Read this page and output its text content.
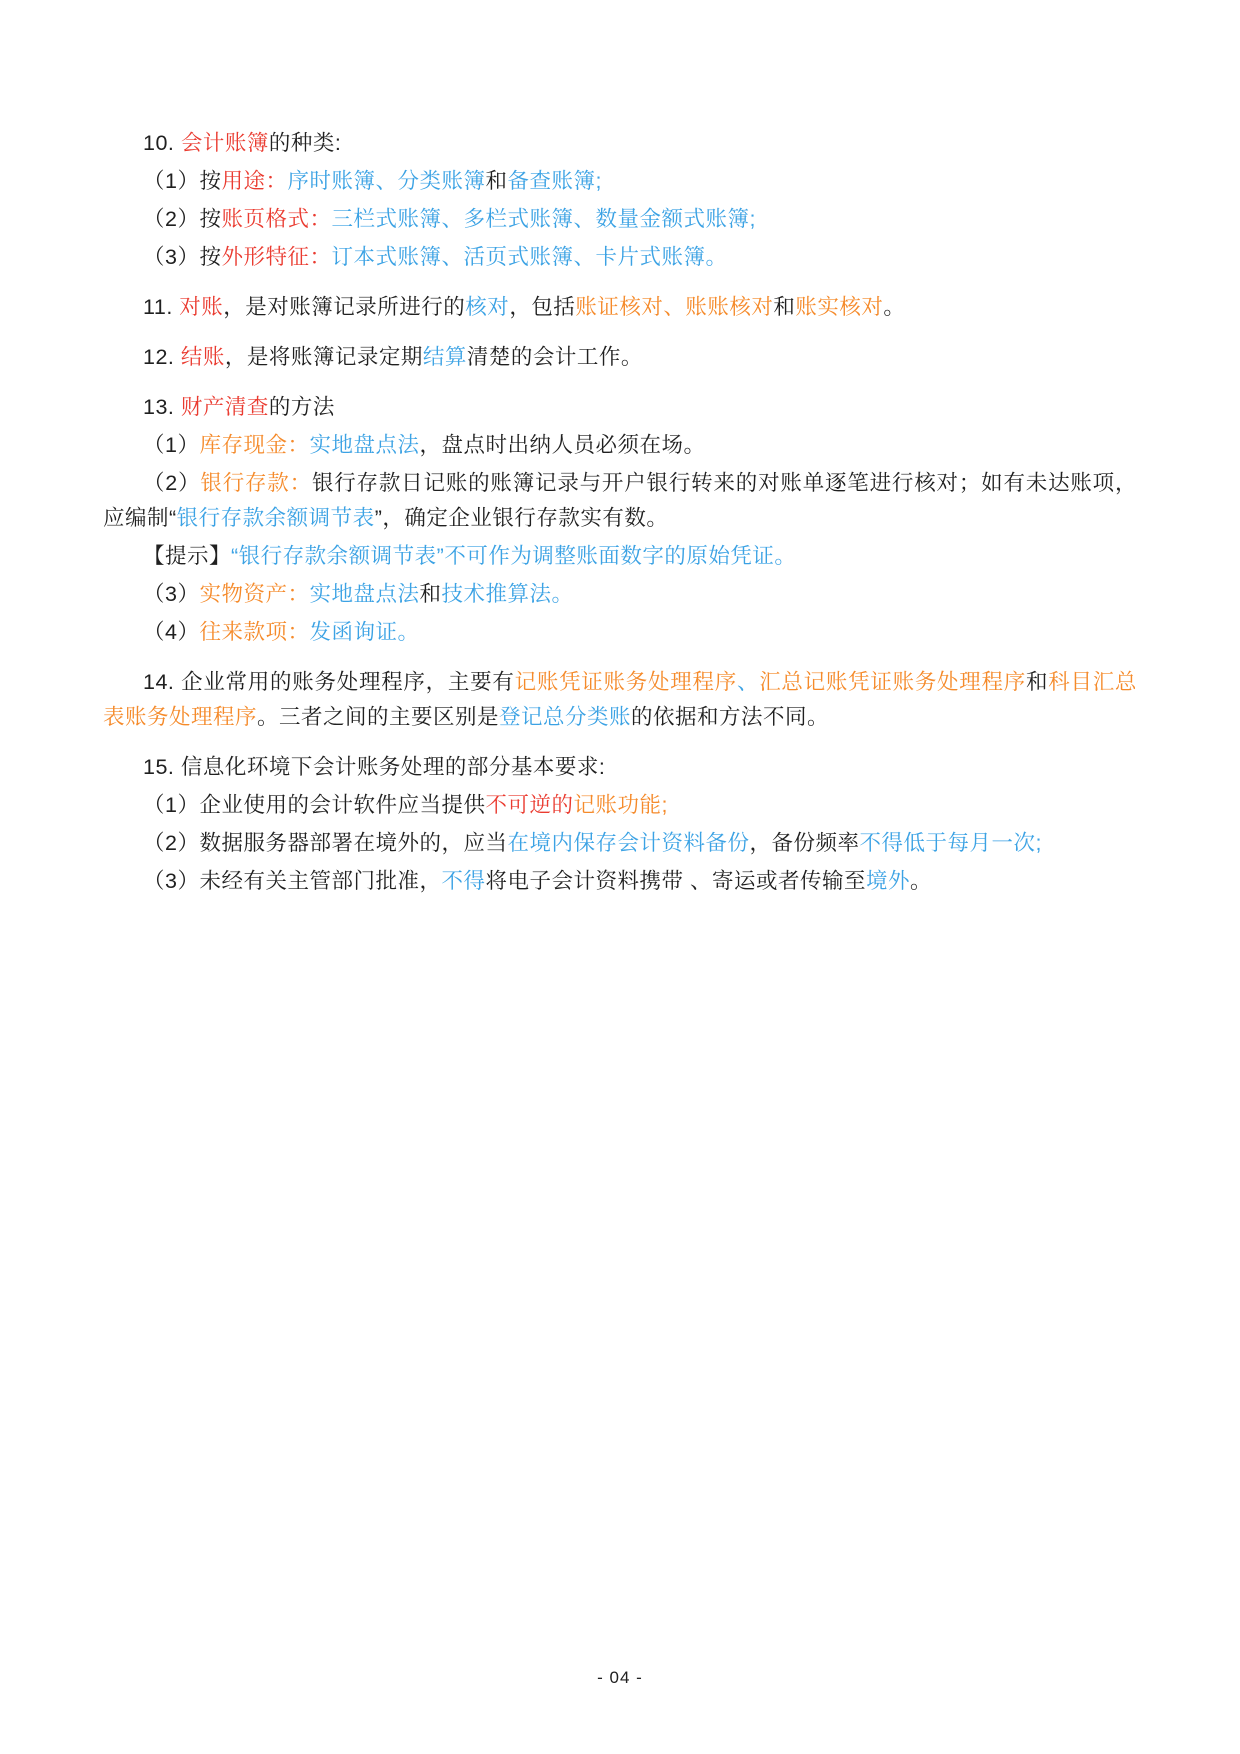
10. 会计账簿的种类:

（1）按用途：序时账簿、分类账簿和备查账簿;

（2）按账页格式：三栏式账簿、多栏式账簿、数量金额式账簿;

（3）按外形特征：订本式账簿、活页式账簿、卡片式账簿。

11. 对账，是对账簿记录所进行的核对，包括账证核对、账账核对和账实核对。

12. 结账，是将账簿记录定期结算清楚的会计工作。

13. 财产清查的方法

（1）库存现金：实地盘点法，盘点时出纳人员必须在场。

（2）银行存款：银行存款日记账的账簿记录与开户银行转来的对账单逐笔进行核对；如有未达账项，应编制“银行存款余额调节表”，确定企业银行存款实有数。

【提示】“银行存款余额调节表”不可作为调整账面数字的原始凭证。

（3）实物资产：实地盘点法和技术推算法。

（4）往来款项：发函询证。

14. 企业常用的账务处理程序，主要有记账凭证账务处理程序、汇总记账凭证账务处理程序和科目汇总表账务处理程序。三者之间的主要区别是登记总分类账的依据和方法不同。

15. 信息化环境下会计账务处理的部分基本要求:

（1）企业使用的会计软件应当提供不可逆的记账功能;

（2）数据服务器部署在境外的，应当在境内保存会计资料备份，备份频率不得低于每月一次;

（3）未经有关主管部门批准，不得将电子会计资料携带 、寄运或者传输至境外。

- 04 -
